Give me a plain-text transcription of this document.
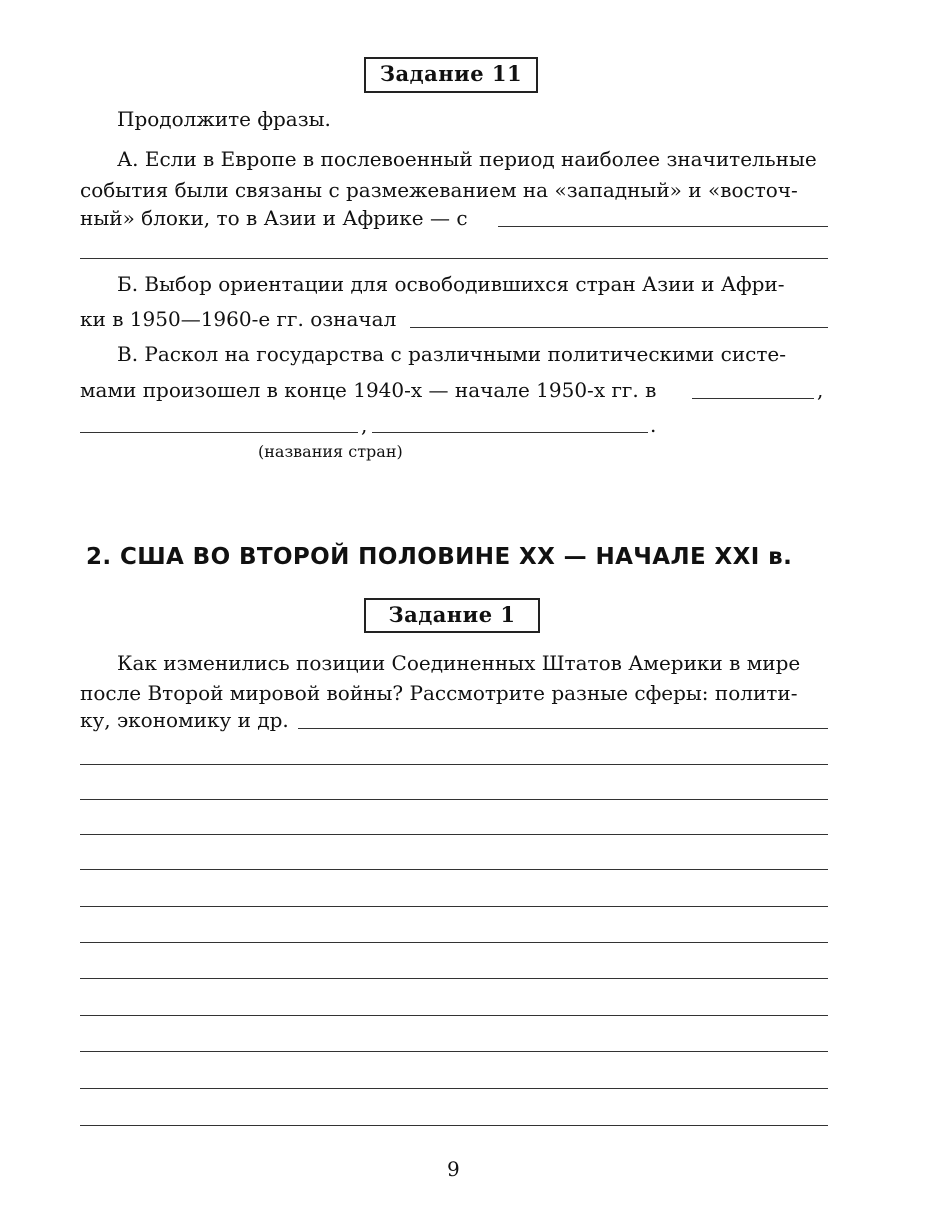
Задание 11
Продолжите фразы.
А. Если в Европе в послевоенный период наиболее значительные
события были связаны с размежеванием на «западный» и «восточ-
ный» блоки, то в Азии и Африке — с
Б. Выбор ориентации для освободившихся стран Азии и Афри-
ки в 1950—1960-е гг. означал
В. Раскол на государства с различными политическими систе-
мами произошел в конце 1940-х — начале 1950-х гг. в	,
,	.
(названия стран)
2. США ВО ВТОРОЙ ПОЛОВИНЕ XX — НАЧАЛЕ XXI в.
Задание 1
Как изменились позиции Соединенных Штатов Америки в мире
после Второй мировой войны? Рассмотрите разные сферы: полити-
ку, экономику и др.
9
